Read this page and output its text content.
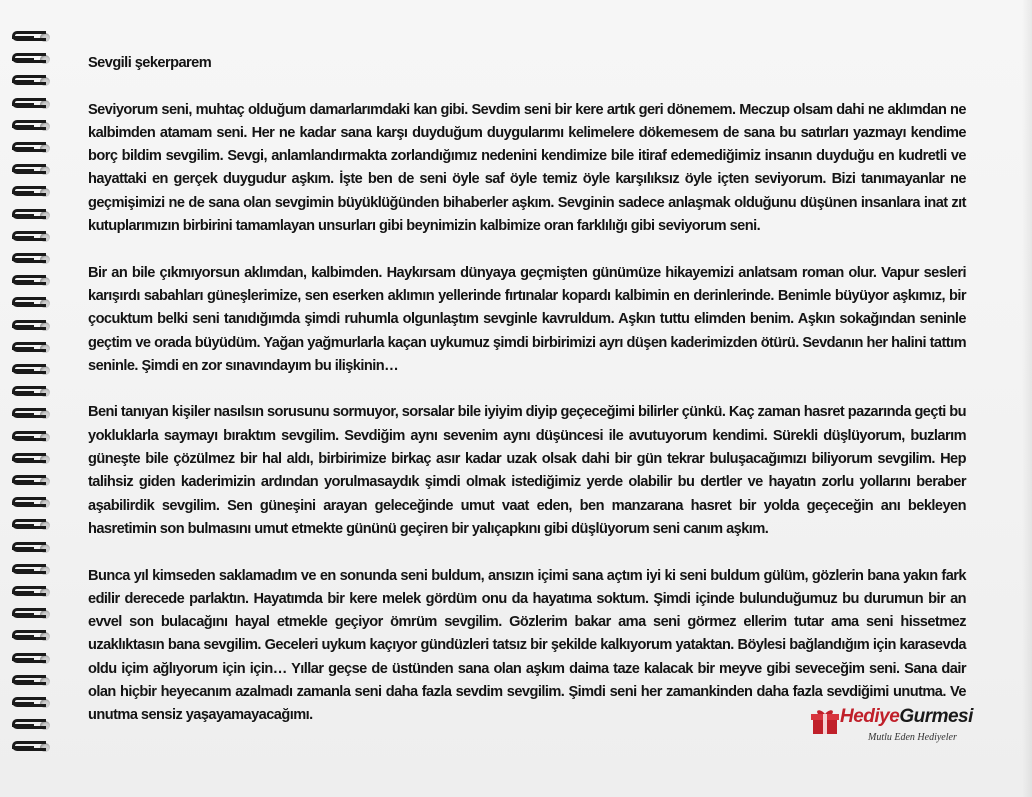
Sevgili şekerparem

Seviyorum seni, muhtaç olduğum damarlarımdaki kan gibi. Sevdim seni bir kere artık geri dönemem. Meczup olsam dahi ne aklımdan ne kalbimden atamam seni. Her ne kadar sana karşı duyduğum duygularımı kelimelere dökemesem de sana bu satırları yazmayı kendime borç bildim sevgilim. Sevgi, anlamlandırmakta zorlandığımız nedenini kendimize bile itiraf edemediğimiz insanın duyduğu en kudretli ve hayattaki en gerçek duygudur aşkım. İşte ben de seni öyle saf öyle temiz öyle karşılıksız öyle içten seviyorum. Bizi tanımayanlar ne geçmişimizi ne de sana olan sevgimin büyüklüğünden bihaberler aşkım. Sevginin sadece anlaşmak olduğunu düşünen insanlara inat zıt kutuplarımızın birbirini tamamlayan unsurları gibi beynimizin kalbimize oran farklılığı gibi seviyorum seni.

Bir an bile çıkmıyorsun aklımdan, kalbimden. Haykırsam dünyaya geçmişten günümüze hikayemizi anlatsam roman olur. Vapur sesleri karışırdı sabahları güneşlerimize, sen eserken aklımın yellerinde fırtınalar kopardı kalbimin en derinlerinde. Benimle büyüyor aşkımız, bir çocuktum belki seni tanıdığımda şimdi ruhumla olgunlaştım sevginle kavruldum. Aşkın tuttu elimden benim. Aşkın sokağından seninle geçtim ve orada büyüdüm. Yağan yağmurlarla kaçan uykumuz şimdi birbirimizi ayrı düşen kaderimizden ötürü. Sevdanın her halini tattım seninle. Şimdi en zor sınavındayım bu ilişkinin…

Beni tanıyan kişiler nasılsın sorusunu sormuyor, sorsalar bile iyiyim diyip geçeceğimi bilirler çünkü. Kaç zaman hasret pazarında geçti bu yokluklarla saymayı bıraktım sevgilim. Sevdiğim aynı sevenim aynı düşüncesi ile avutuyorum kendimi. Sürekli düşlüyorum, buzlarım güneşte bile çözülmez bir hal aldı, birbirimize birkaç asır kadar uzak olsak dahi bir gün tekrar buluşacağımızı biliyorum sevgilim. Hep talihsiz giden kaderimizin ardından yorulmasaydık şimdi olmak istediğimiz yerde olabilir bu dertler ve hayatın zorlu yollarını beraber aşabilirdik sevgilim. Sen güneşini arayan geleceğinde umut vaat eden, ben manzarana hasret bir yolda geçeceğin anı bekleyen hasretimin son bulmasını umut etmekte gününü geçiren bir yalıçapkını gibi düşlüyorum seni canım aşkım.

Bunca yıl kimseden saklamadım ve en sonunda seni buldum, ansızın içimi sana açtım iyi ki seni buldum gülüm, gözlerin bana yakın fark edilir derecede parlaktın. Hayatımda bir kere melek gördüm onu da hayatıma soktum. Şimdi içinde bulunduğumuz bu durumun bir an evvel son bulacağını hayal etmekle geçiyor ömrüm sevgilim. Gözlerim bakar ama seni görmez ellerim tutar ama seni hissetmez uzaklıktasın bana sevgilim. Geceleri uykum kaçıyor gündüzleri tatsız bir şekilde kalkıyorum yataktan. Böylesi bağlandığım için karasevda oldu içim ağlıyorum için için… Yıllar geçse de üstünden sana olan aşkım daima taze kalacak bir meyve gibi seveceğim seni. Sana dair olan hiçbir heyecanım azalmadı zamanla seni daha fazla sevdim sevgilim. Şimdi seni her zamankinden daha fazla sevdiğimi unutma. Ve unutma sensiz yaşayamayacağımı.	HediyeGurmesi
Mutlu Eden Hediyeler
